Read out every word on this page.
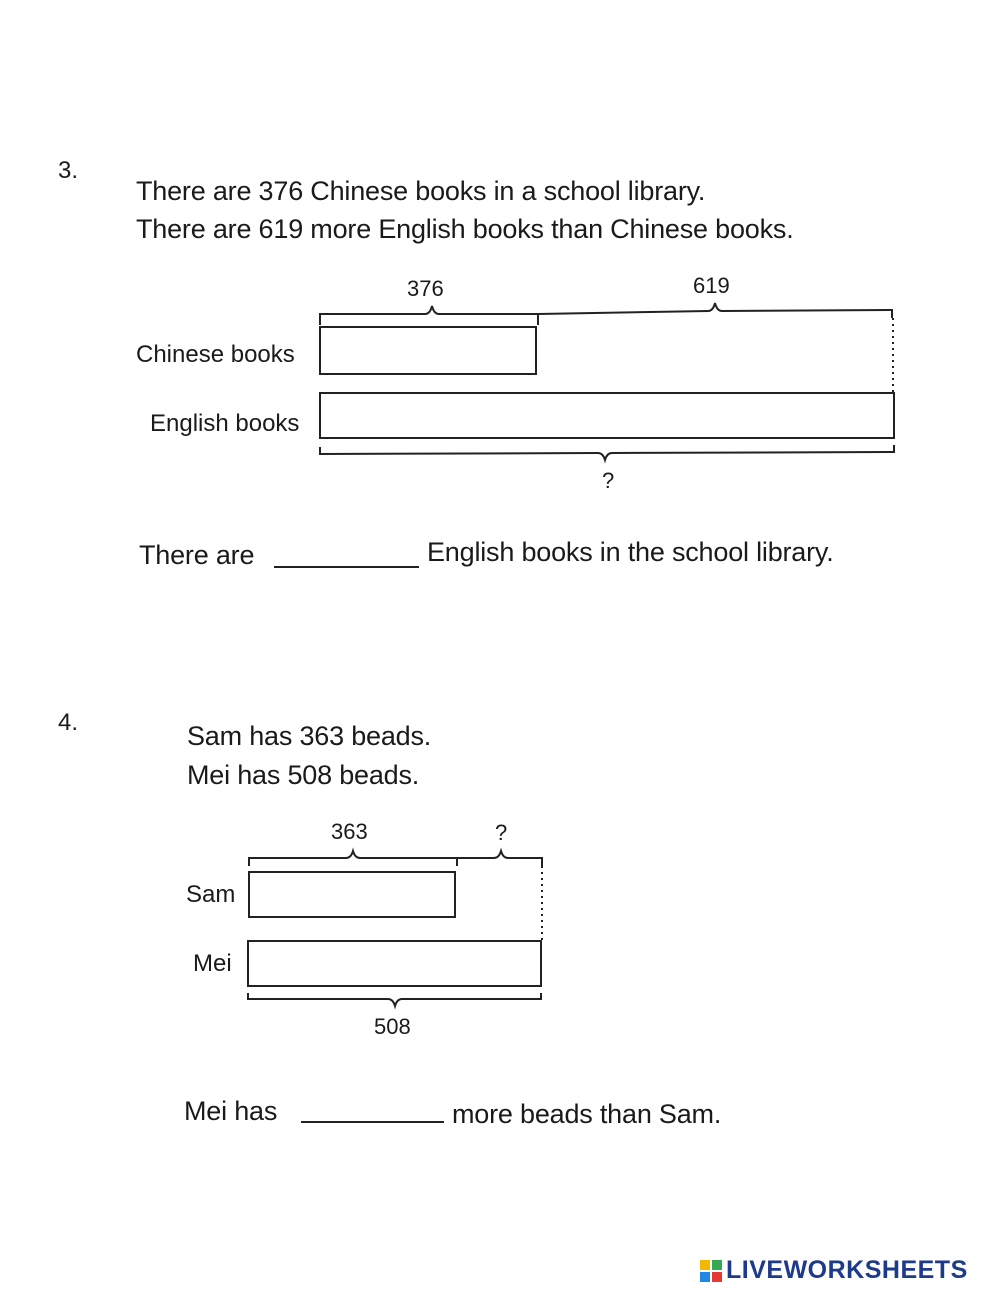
3.
There are 376 Chinese books in a school library.
There are 619 more English books than Chinese books.
376	619
Chinese books
English books
?
There are	English books in the school library.
4.	Sam has 363 beads.
Mei has 508 beads.
363	?
Sam
Mei
508
Mei has	more beads than Sam.
LIVEWORKSHEETS
